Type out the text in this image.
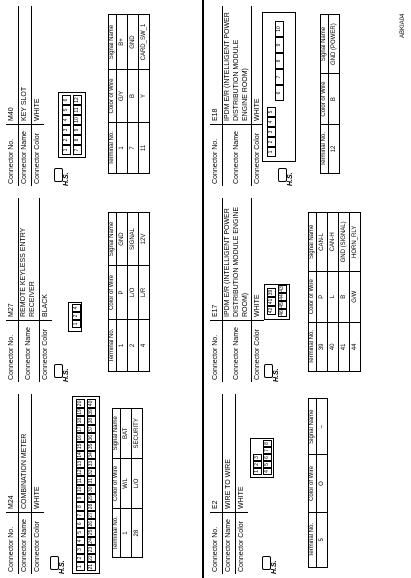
Connector No.
M24
Connector Name
COMBINATION METER
Connector Color
WHITE
H.S. 1
2
3
4
5
6
7
8
9
10
11
12
13
14
15
16
17
18
19
20
21
22
23
24
25
26
27
28
29
30
31
32
33
34
35
36
37
38
39
40
Terminal No.	Color of Wire	Signal Name
1	W/L	BAT
28	L/O	SECURITY
Connector No.
M27
Connector Name
REMOTE KEYLESS ENTRY RECEIVER
Connector Color
BLACK
H.S.
1
2
4
Terminal No.	Color of Wire	Signal Name
1	P	GND
2	L/O	SIGNAL
4	L/R	12V
Connector No.
M40
Connector Name
KEY SLOT
Connector Color
WHITE
H.S.
1
2
3
4
5
6
7
8
9
10
11
12
Terminal No.	Color of Wire	Signal Name
1	G/Y	B+
7	B	GND
11	Y	CARD_SW_1
Connector No.
E2
Connector Name
WIRE TO WIRE
Connector Color
WHITE
H.S.
1
2
3
4
5
6
7
8
Terminal No.	Color of Wire	Signal Name
5	O	–
Connector No.
E17
Connector Name
IPDM E/R (INTELLIGENT POWER DISTRIBUTION MODULE ENGINE ROOM)
Connector Color
WHITE
H.S.
42
41
39
46
45
44
43
Terminal No.	Color of Wire	Signal Name
39	P	CAN-L
40	L	CAN-H
41	B	GND (SIGNAL)
44	G/W	HORN_RLY
Connector No.
E18
Connector Name
IPDM E/R (INTELLIGENT POWER DISTRIBUTION MODULE ENGINE ROOM)
Connector Color
WHITE
H.S.
1
2
3
4
5
6
7
8
9
10
Terminal No.	Color of Wire	Signal Name
12	B	GND (POWER)	ABKIA04
